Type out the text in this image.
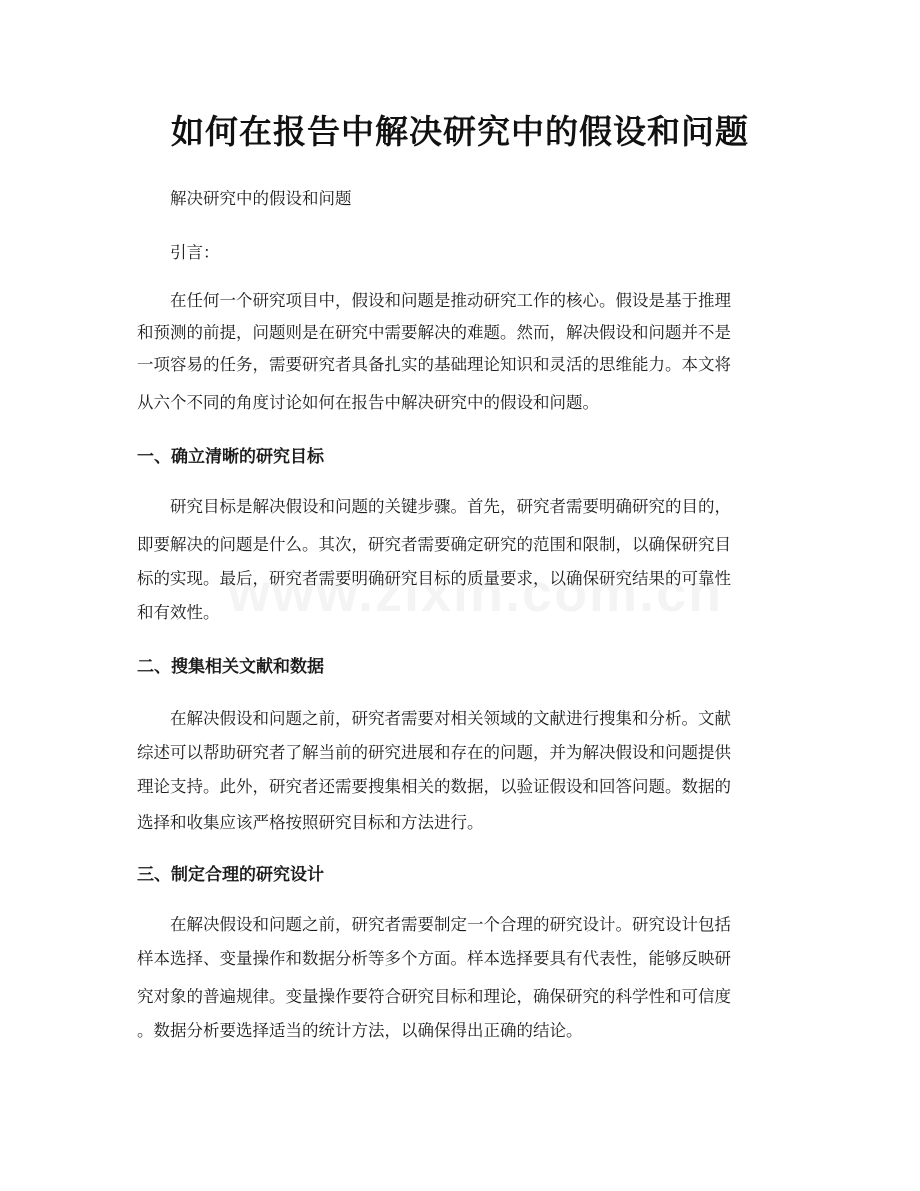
如何在报告中解决研究中的假设和问题
解决研究中的假设和问题
引言：
在任何一个研究项目中，假设和问题是推动研究工作的核心。假设是基于推理
和预测的前提，问题则是在研究中需要解决的难题。然而，解决假设和问题并不是
一项容易的任务，需要研究者具备扎实的基础理论知识和灵活的思维能力。本文将
从六个不同的角度讨论如何在报告中解决研究中的假设和问题。
一、确立清晰的研究目标
研究目标是解决假设和问题的关键步骤。首先，研究者需要明确研究的目的，
即要解决的问题是什么。其次，研究者需要确定研究的范围和限制，以确保研究目
标的实现。最后，研究者需要明确研究目标的质量要求，以确保研究结果的可靠性
和有效性。
二、搜集相关文献和数据
在解决假设和问题之前，研究者需要对相关领域的文献进行搜集和分析。文献
综述可以帮助研究者了解当前的研究进展和存在的问题，并为解决假设和问题提供
理论支持。此外，研究者还需要搜集相关的数据，以验证假设和回答问题。数据的
选择和收集应该严格按照研究目标和方法进行。
三、制定合理的研究设计
在解决假设和问题之前，研究者需要制定一个合理的研究设计。研究设计包括
样本选择、变量操作和数据分析等多个方面。样本选择要具有代表性，能够反映研
究对象的普遍规律。变量操作要符合研究目标和理论，确保研究的科学性和可信度
。数据分析要选择适当的统计方法，以确保得出正确的结论。
